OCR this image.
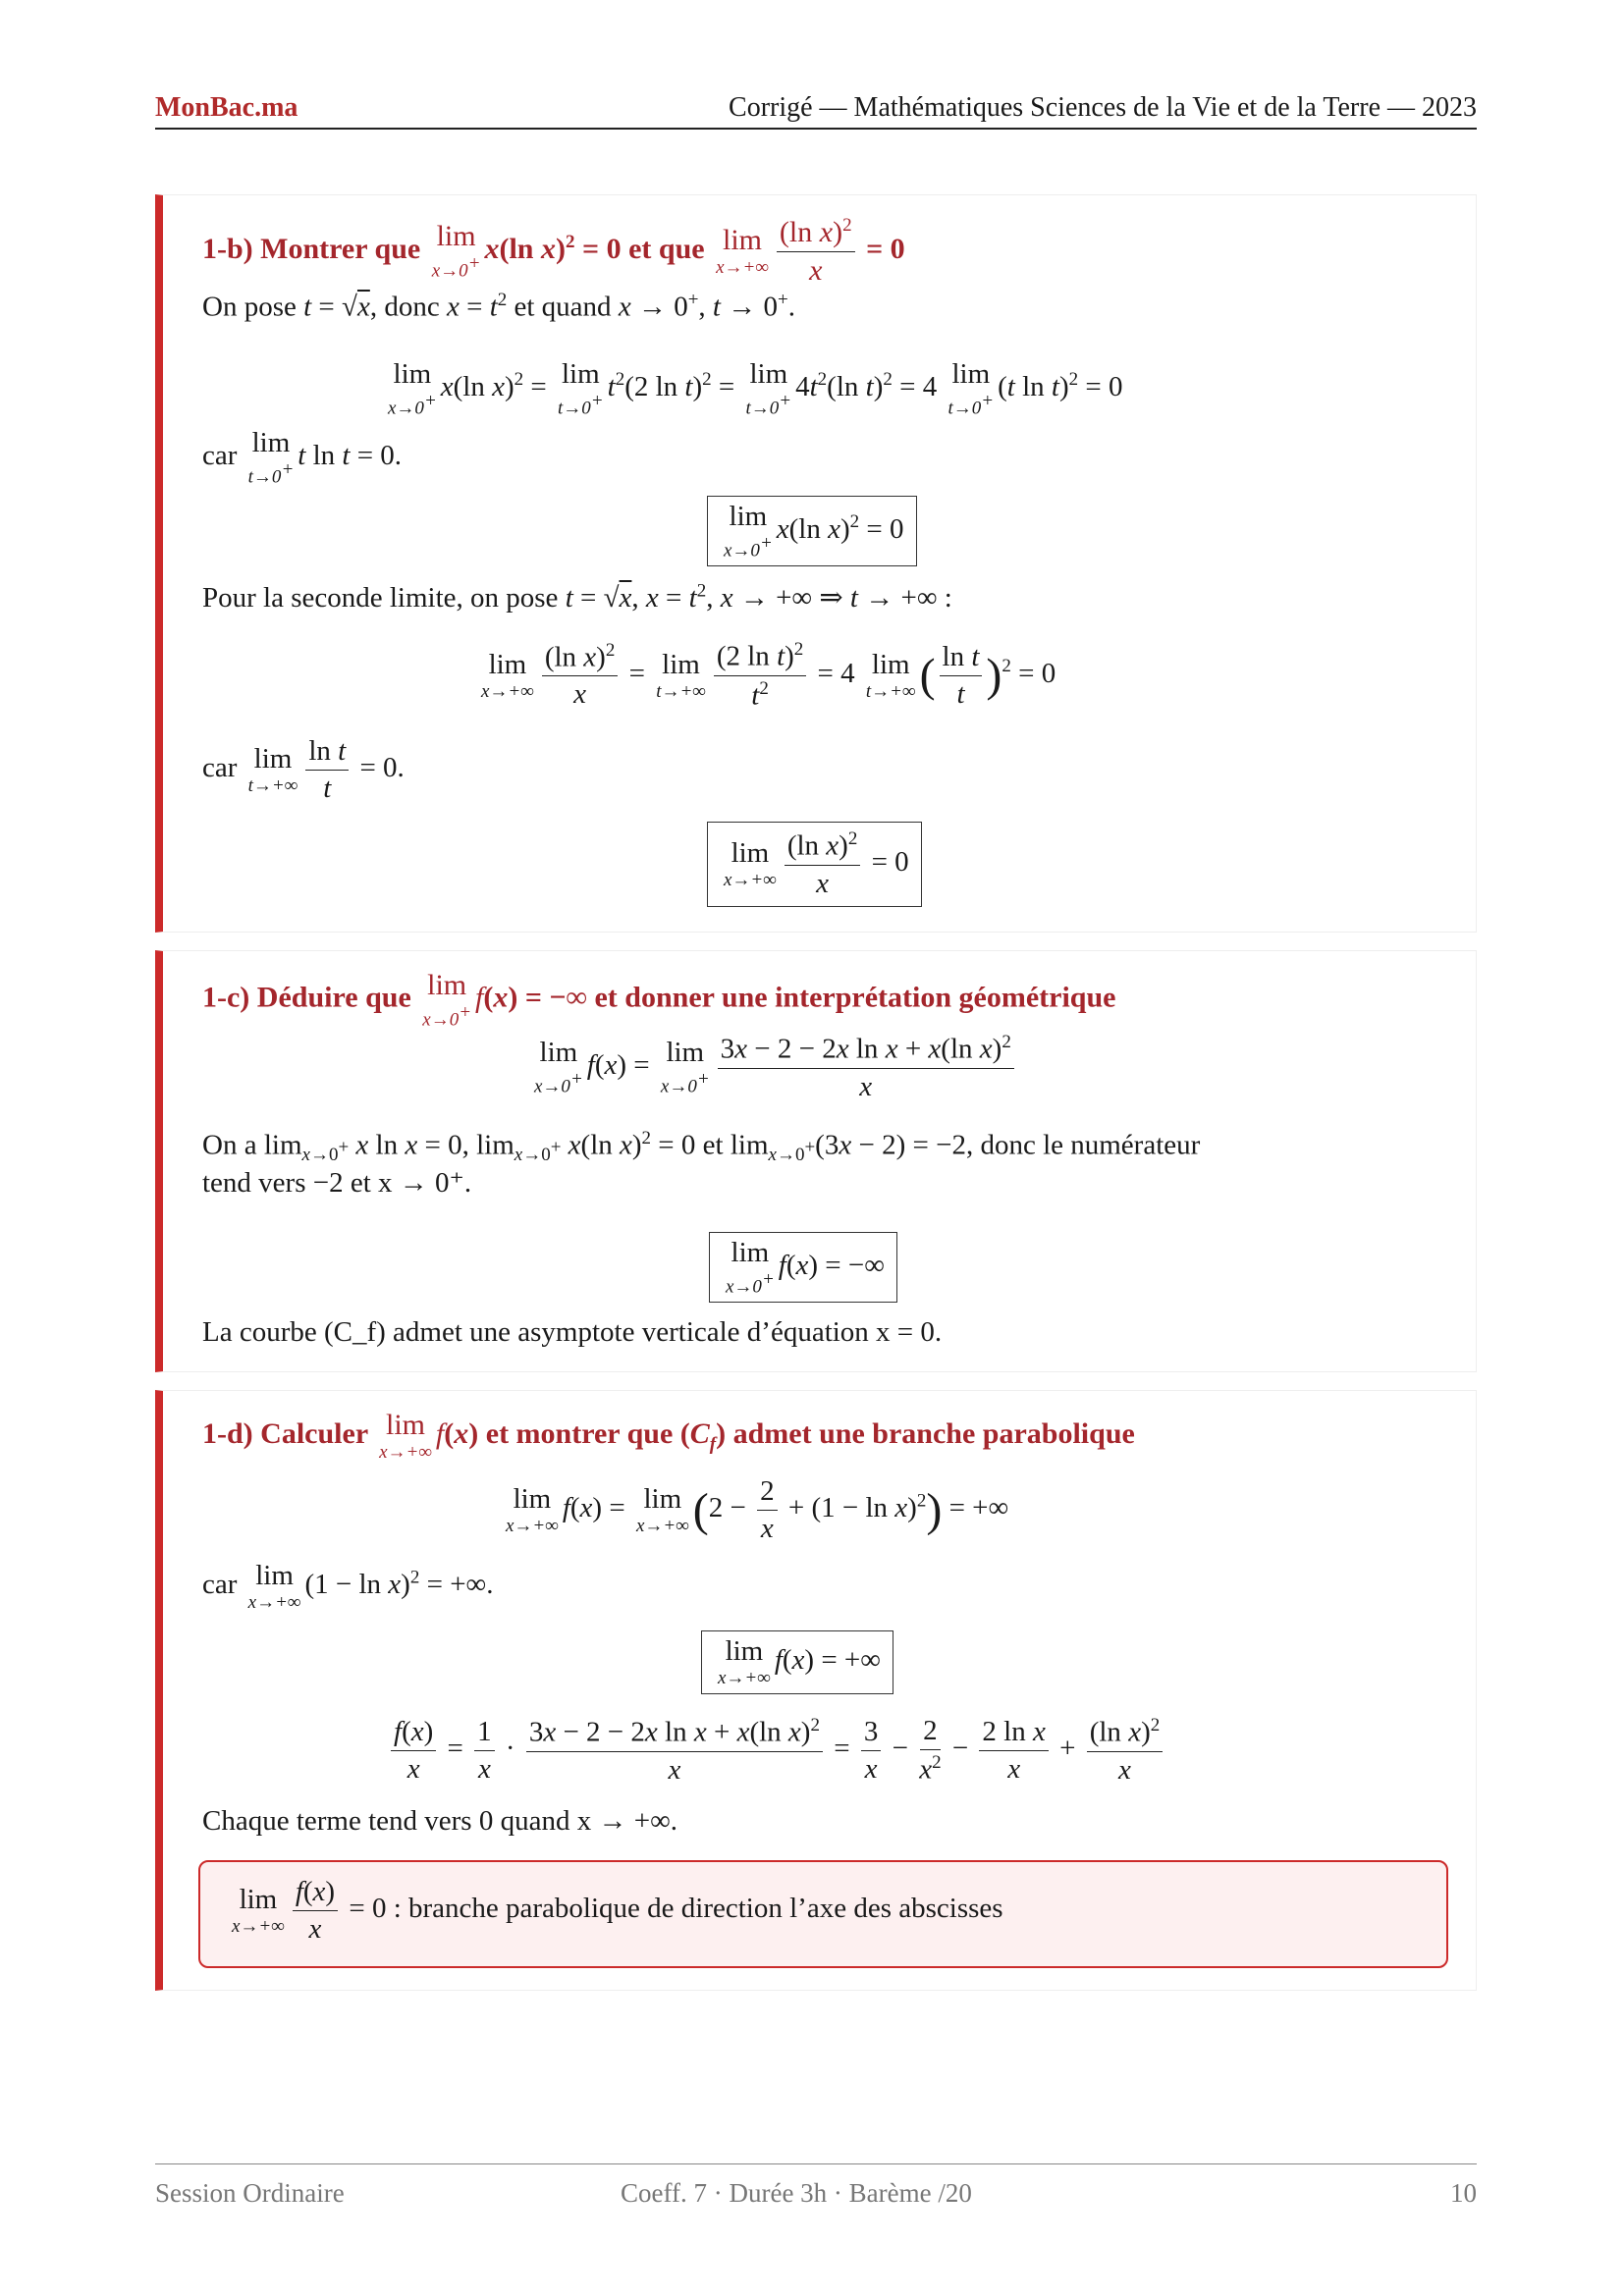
MonBac.ma	Corrigé — Mathématiques Sciences de la Vie et de la Terre — 2023
1-b) Montrer que lim
x→0+ x(ln x)$^2$ = 0 et que lim
$x\to+\infty \frac{(\ln x)^2}{x} = 0$
On pose t = √x, donc $x = t^2$ et quand x → 0+, t → 0+.
lim
x→0+ x(ln x)$^2$ = lim
t→0+ $t^2(2$ ln t)$^2$ = lim
t→0+ $4t^2(\ln$ t)$^2$ = 4 lim
t→0+ (t ln t)$^2$ = 0
car lim
t→0+ t ln t = 0.
lim
x→0+ x(ln x)$^2$ = 0
Pour la seconde limite, on pose t = √x, $x = t^2$, x → +∞ ⇒ t → +∞ :
lim
$x\to+\infty \frac{(\ln x)^2}{x} = \lim$
$t\to+\infty \frac{(2 \ln t)^2}{t^2} = 4$ lim
t→+∞ ( $\frac{\text{ln t}}{t} )^2 = 0$
car lim
$t\to+\infty \frac{\text{ln t}}{t} = 0$.
lim
$x\to+\infty \frac{(\ln x)^2}{x} = 0$
1-c) Déduire que lim
x→0+ f(x) = −∞ et donner une interprétation géométrique
lim
x→0+ f(x) = lim
$x\to 0^+ \frac{3x - 2 - 2x \ln x + x(\ln x)^2}{x}$
On a $\lim_{x\to 0^+} x$ ln x = 0, $\lim_{x\to 0^+} x(\ln$ x)$^2$ = 0 et $\lim_{x\to 0^+}(3x - 2) = -2$, donc le numérateur
tend vers −2 et x → 0⁺.
lim
x→0+ f(x) = −∞
La courbe (C_f) admet une asymptote verticale d’équation x = 0.
1-d) Calculer lim
x→+∞
f(x) et montrer que $(C_f)$ admet une branche parabolique
lim
x→+∞
f(x) = lim
x→+∞ $(2 - \frac{2}{x} + (1 - \ln x)^2)$ = +∞
car lim
x→+∞
$(1 - \ln x)^2$ = +∞.
lim
x→+∞
f(x) = +∞
$\frac{f(x)}{x} = \frac{1}{x} \cdot \frac{3x - 2 - 2x \ln x + x(\ln x)^2}{x} = \frac{3}{x} - \frac{2}{x^2} - \frac{\text{2 ln x}}{x} + \frac{(\ln x)^2}{x}$
Chaque terme tend vers 0 quand x → +∞.
lim
$x\to+\infty \frac{f(x)}{x} = 0$ : branche parabolique de direction l’axe des abscisses
Session Ordinaire	Coeff. 7 · Durée 3h · Barème /20	10
